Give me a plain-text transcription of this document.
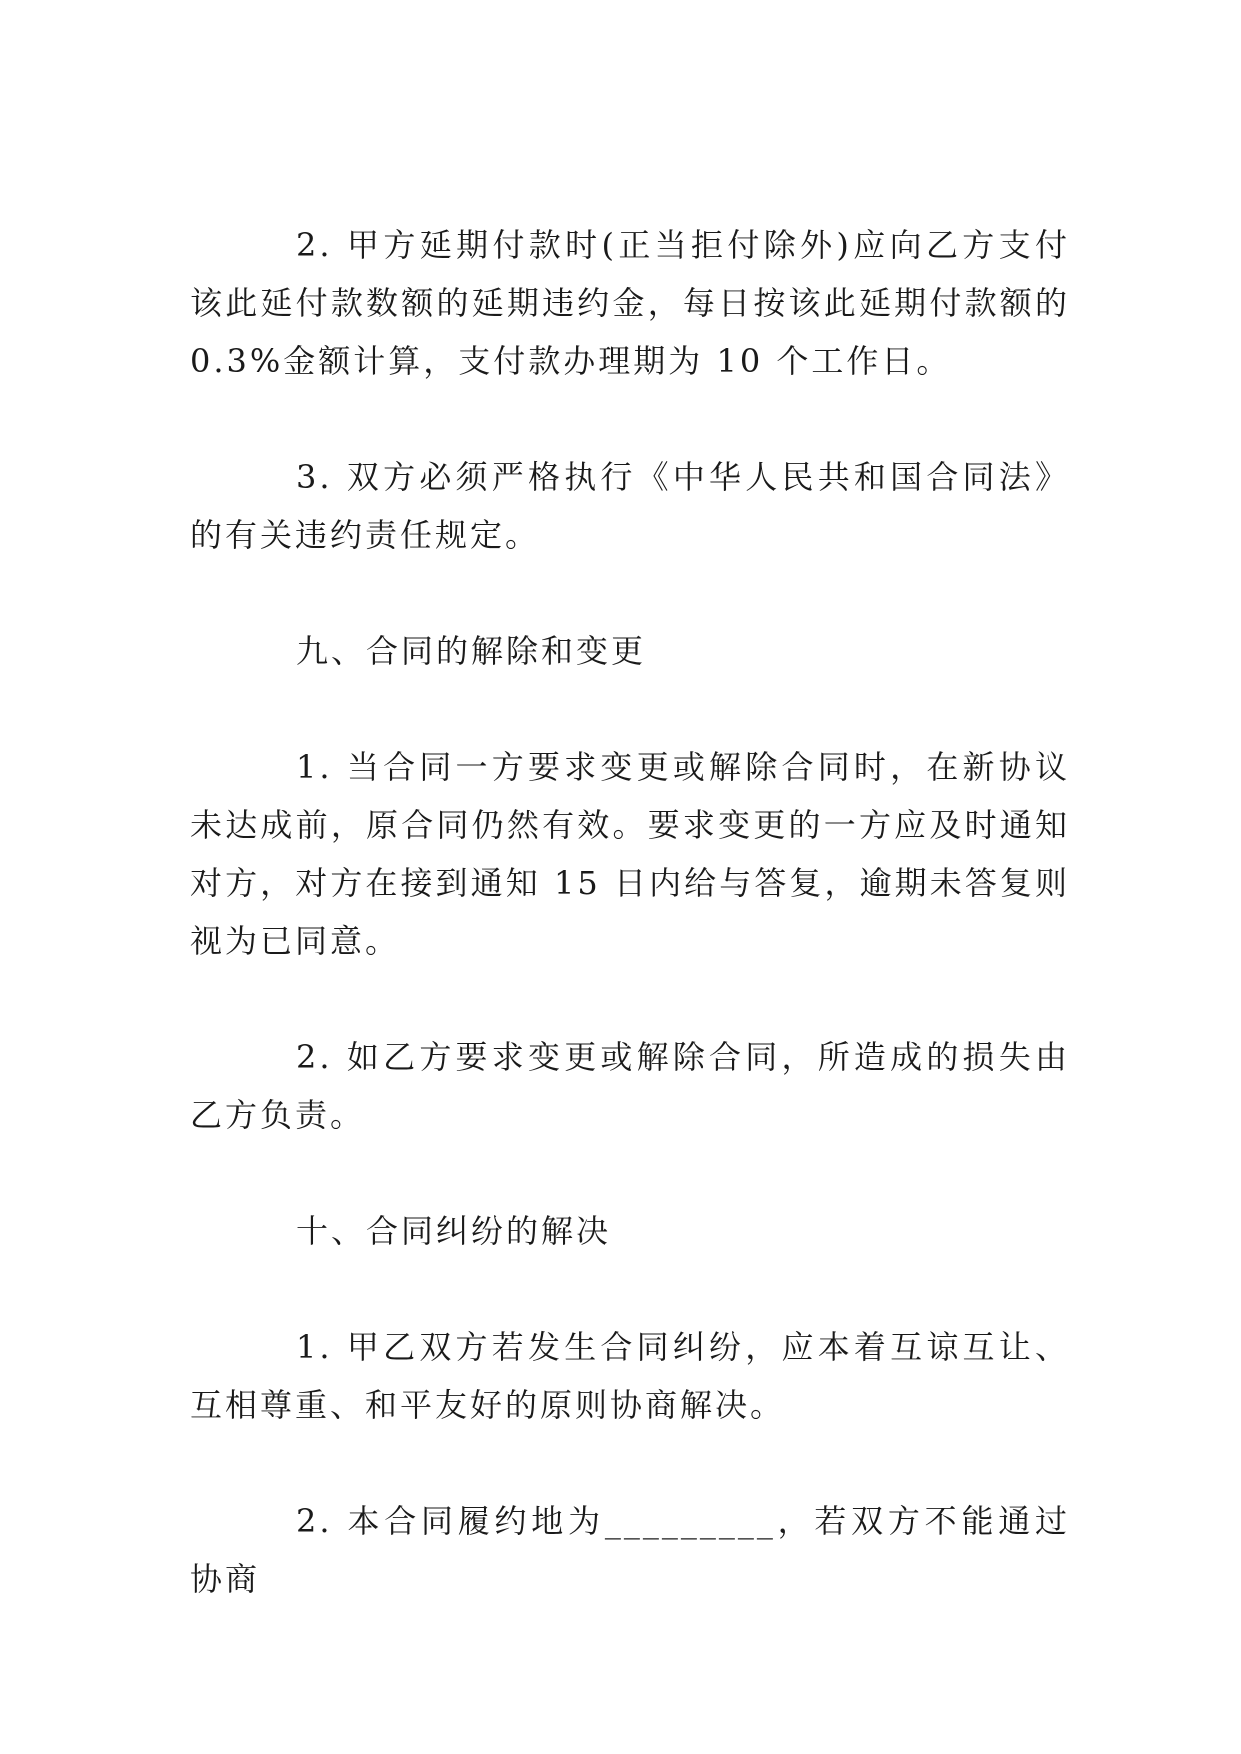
2. 甲方延期付款时(正当拒付除外)应向乙方支付该此延付款数额的延期违约金，每日按该此延期付款额的 0.3%金额计算，支付款办理期为 10 个工作日。

3. 双方必须严格执行《中华人民共和国合同法》的有关违约责任规定。

九、合同的解除和变更

1. 当合同一方要求变更或解除合同时，在新协议未达成前，原合同仍然有效。要求变更的一方应及时通知对方，对方在接到通知 15 日内给与答复，逾期未答复则视为已同意。

2. 如乙方要求变更或解除合同，所造成的损失由乙方负责。

十、合同纠纷的解决

1. 甲乙双方若发生合同纠纷，应本着互谅互让、互相尊重、和平友好的原则协商解决。

2. 本合同履约地为_________，若双方不能通过协商
